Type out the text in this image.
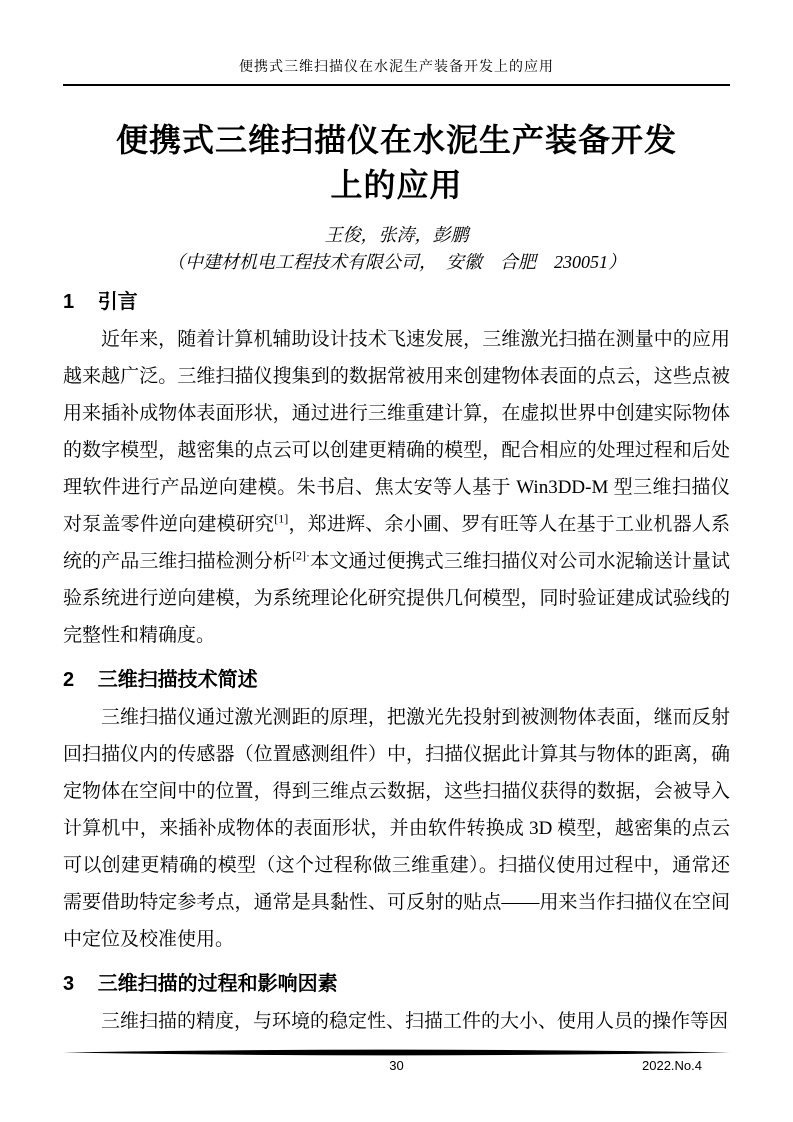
便携式三维扫描仪在水泥生产装备开发上的应用
便携式三维扫描仪在水泥生产装备开发
上的应用
王俊，张涛，彭鹏
（中建材机电工程技术有限公司，　安徽　合肥　230051）
1 引言

近年来，随着计算机辅助设计技术飞速发展，三维激光扫描在测量中的应用越来越广泛。三维扫描仪搜集到的数据常被用来创建物体表面的点云，这些点被用来插补成物体表面形状，通过进行三维重建计算，在虚拟世界中创建实际物体的数字模型，越密集的点云可以创建更精确的模型，配合相应的处理过程和后处理软件进行产品逆向建模。朱书启、焦太安等人基于 Win3DD-M 型三维扫描仪对泵盖零件逆向建模研究[1]，郑进辉、余小圃、罗有旺等人在基于工业机器人系统的产品三维扫描检测分析$^{[2]\cdot}$本文通过便携式三维扫描仪对公司水泥输送计量试验系统进行逆向建模，为系统理论化研究提供几何模型，同时验证建成试验线的完整性和精确度。

2 三维扫描技术简述

三维扫描仪通过激光测距的原理，把激光先投射到被测物体表面，继而反射回扫描仪内的传感器（位置感测组件）中，扫描仪据此计算其与物体的距离，确定物体在空间中的位置，得到三维点云数据，这些扫描仪获得的数据，会被导入计算机中，来插补成物体的表面形状，并由软件转换成 3D 模型，越密集的点云可以创建更精确的模型（这个过程称做三维重建）。扫描仪使用过程中，通常还需要借助特定参考点，通常是具黏性、可反射的贴点——用来当作扫描仪在空间中定位及校准使用。

3 三维扫描的过程和影响因素

三维扫描的精度，与环境的稳定性、扫描工件的大小、使用人员的操作等因

30	2022.No.4
